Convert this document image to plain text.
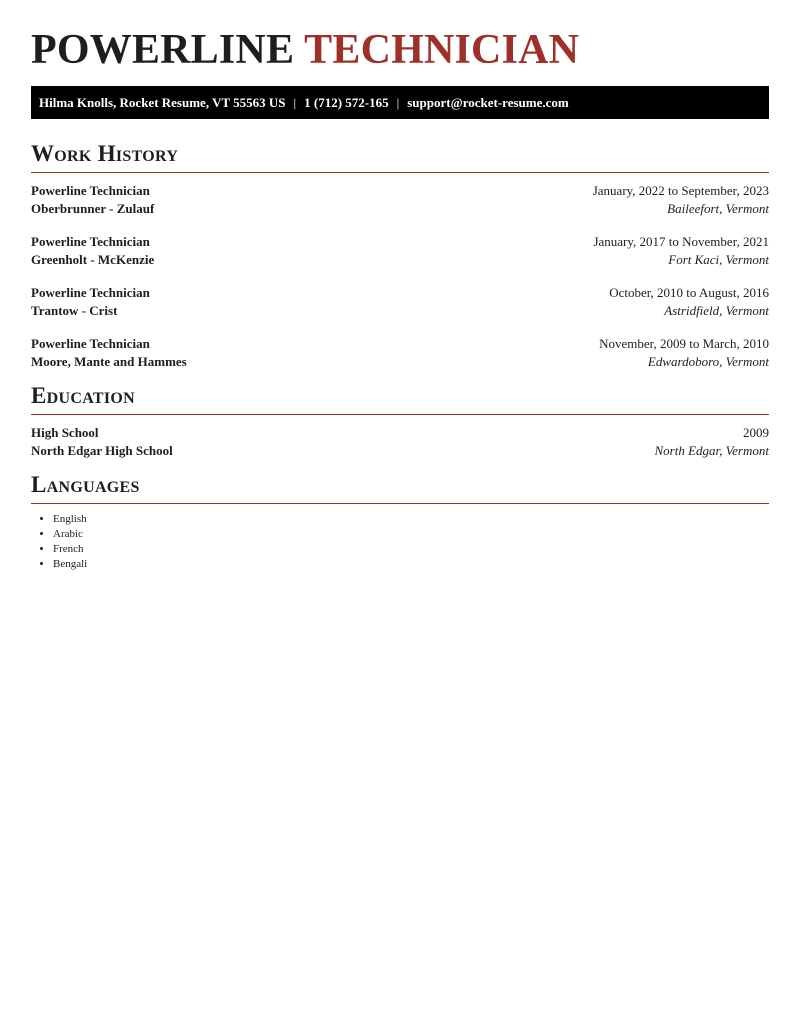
POWERLINE TECHNICIAN
Hilma Knolls, Rocket Resume, VT 55563 US | 1 (712) 572-165 | support@rocket-resume.com
Work History
Powerline Technician
Oberbrunner - Zulauf
January, 2022 to September, 2023
Baileefort, Vermont
Powerline Technician
Greenholt - McKenzie
January, 2017 to November, 2021
Fort Kaci, Vermont
Powerline Technician
Trantow - Crist
October, 2010 to August, 2016
Astridfield, Vermont
Powerline Technician
Moore, Mante and Hammes
November, 2009 to March, 2010
Edwardoboro, Vermont
Education
High School
North Edgar High School
2009
North Edgar, Vermont
Languages
• English
• Arabic
• French
• Bengali
